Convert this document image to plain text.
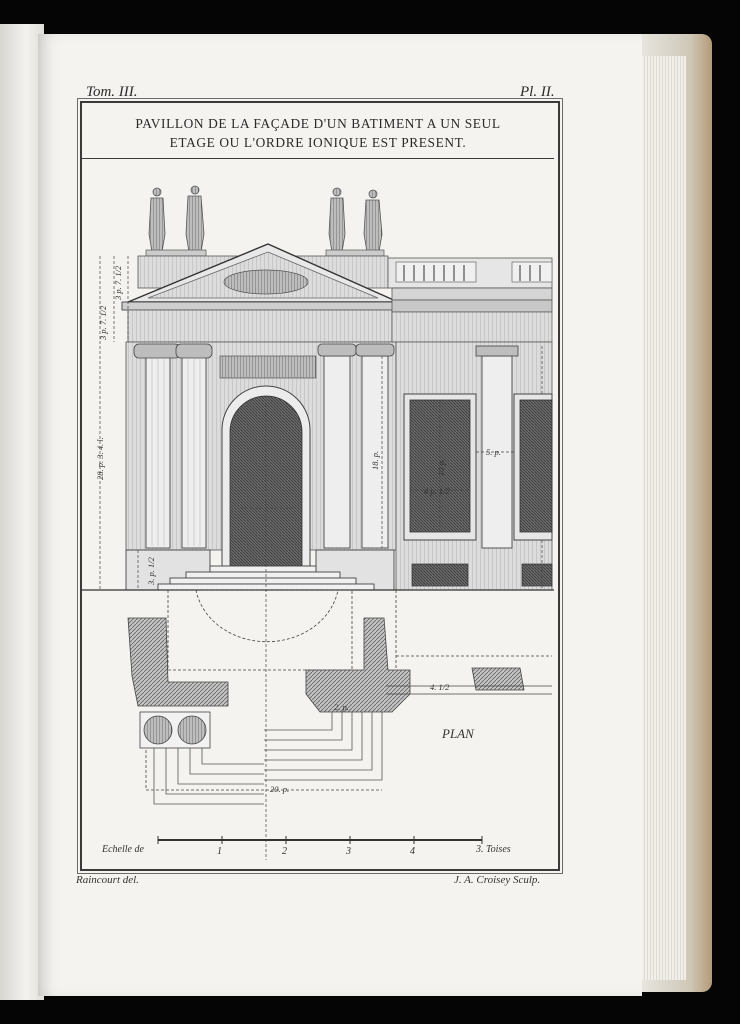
Tom. III.	Pl. II.
PAVILLON DE LA FAÇADE D'UN BATIMENT A UN SEUL
ETAGE OU L'ORDRE IONIQUE EST PRESENT.
28. p. 3. 4. l.
3 p. 7. 1/2
3 p. 7. 1/2
18. p.	10 p.
3. p. 1/2
4 p. 1/2
5. p.
20. p.
2. p.
4. 1/2
PLAN
Echelle de	1	2	3	4	3. Toises
Raincourt del.	J. A. Croisey Sculp.
